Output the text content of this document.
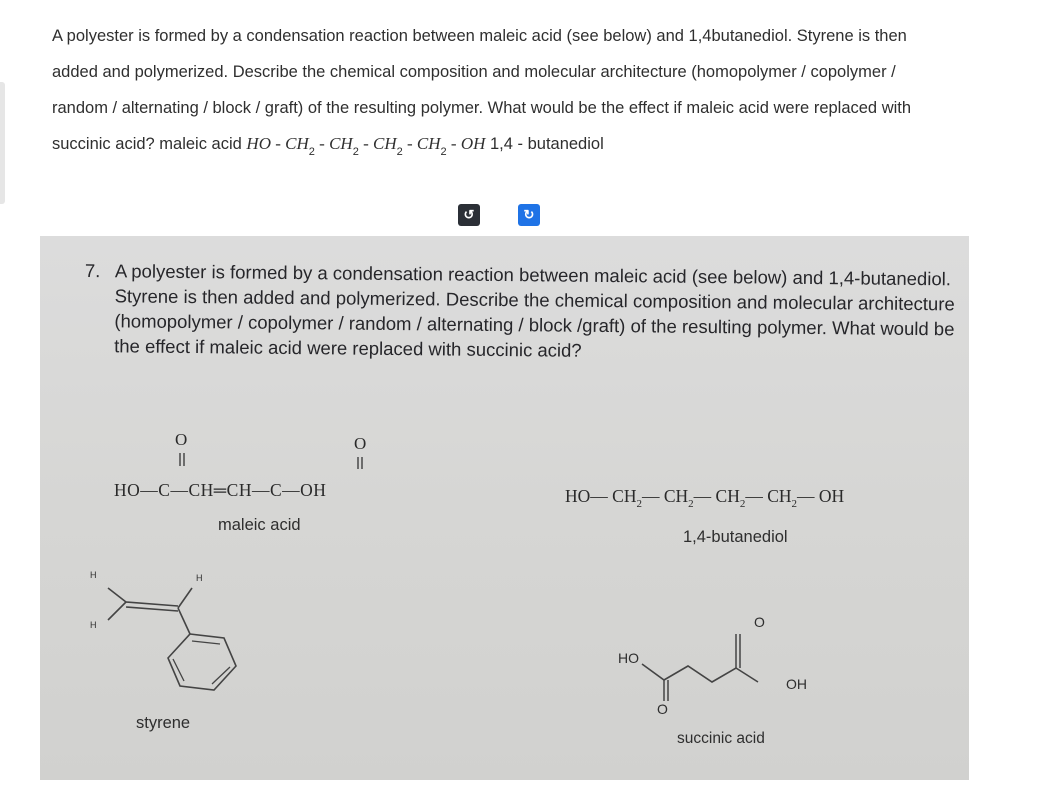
A polyester is formed by a condensation reaction between maleic acid (see below) and 1,4butanediol. Styrene is then
added and polymerized. Describe the chemical composition and molecular architecture (homopolymer / copolymer /
random / alternating / block / graft) of the resulting polymer. What would be the effect if maleic acid were replaced with
succinic acid? maleic acid HO - $CH_2 - CH_2 - CH_2 - CH_2$ - OH 1,4 - butanediol
↺	↻
7. A polyester is formed by a condensation reaction between maleic acid (see below) and 1,4-butanediol. Styrene is then added and polymerized. Describe the chemical composition and molecular architecture (homopolymer / copolymer / random / alternating / block /graft) of the resulting polymer. What would be the effect if maleic acid were replaced with succinic acid?
O	O
HO—C—CH═CH—C—OH
maleic acid
HO— $CH_2—$ $CH_2—$ $CH_2—$ $CH_2—$ OH
1,4-butanediol
H	H
H
styrene
HO
OH
O
O
succinic acid
